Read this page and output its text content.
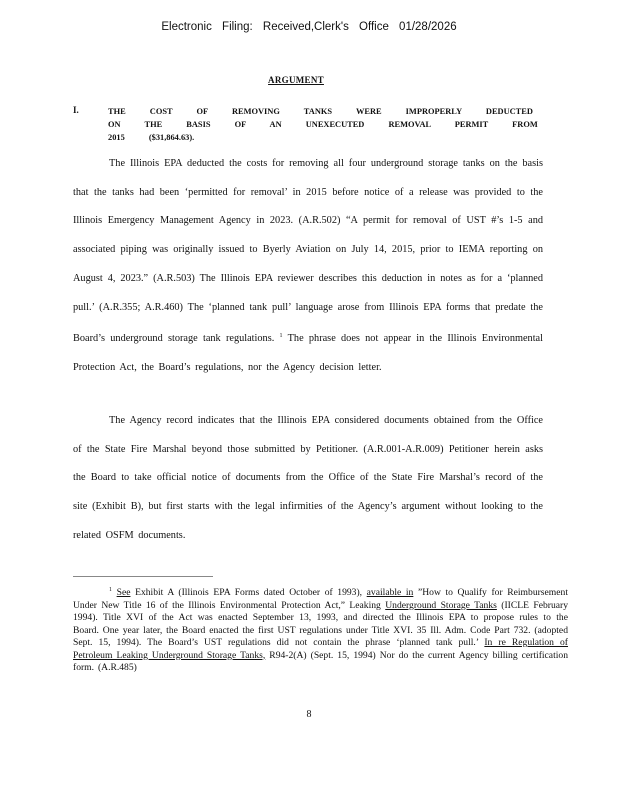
Electronic Filing: Received,Clerk's Office 01/28/2026
ARGUMENT
I.	THE COST OF REMOVING TANKS WERE IMPROPERLY DEDUCTED ON THE BASIS OF AN UNEXECUTED REMOVAL PERMIT FROM 2015 ($31,864.63).

The Illinois EPA deducted the costs for removing all four underground storage tanks on the basis that the tanks had been ‘permitted for removal’ in 2015 before notice of a release was provided to the Illinois Emergency Management Agency in 2023. (A.R.502) “A permit for removal of UST #’s 1-5 and associated piping was originally issued to Byerly Aviation on July 14, 2015, prior to IEMA reporting on August 4, 2023.” (A.R.503) The Illinois EPA reviewer describes this deduction in notes as for a ‘planned pull.’ (A.R.355; A.R.460) The ‘planned tank pull’ language arose from Illinois EPA forms that predate the Board’s underground storage tank regulations. $^1$ The phrase does not appear in the Illinois Environmental Protection Act, the Board’s regulations, nor the Agency decision letter.

The Agency record indicates that the Illinois EPA considered documents obtained from the Office of the State Fire Marshal beyond those submitted by Petitioner. (A.R.001-A.R.009) Petitioner herein asks the Board to take official notice of documents from the Office of the State Fire Marshal’s record of the site (Exhibit B), but first starts with the legal infirmities of the Agency’s argument without looking to the related OSFM documents.

$^1$ See Exhibit A (Illinois EPA Forms dated October of 1993), available in ”How to Qualify for Reimbursement Under New Title 16 of the Illinois Environmental Protection Act,” Leaking Underground Storage Tanks (IICLE February 1994). Title XVI of the Act was enacted September 13, 1993, and directed the Illinois EPA to propose rules to the Board. One year later, the Board enacted the first UST regulations under Title XVI. 35 Ill. Adm. Code Part 732. (adopted Sept. 15, 1994). The Board’s UST regulations did not contain the phrase ‘planned tank pull.’ In re Regulation of Petroleum Leaking Underground Storage Tanks, R94-2(A) (Sept. 15, 1994) Nor do the current Agency billing certification form. (A.R.485)
8
